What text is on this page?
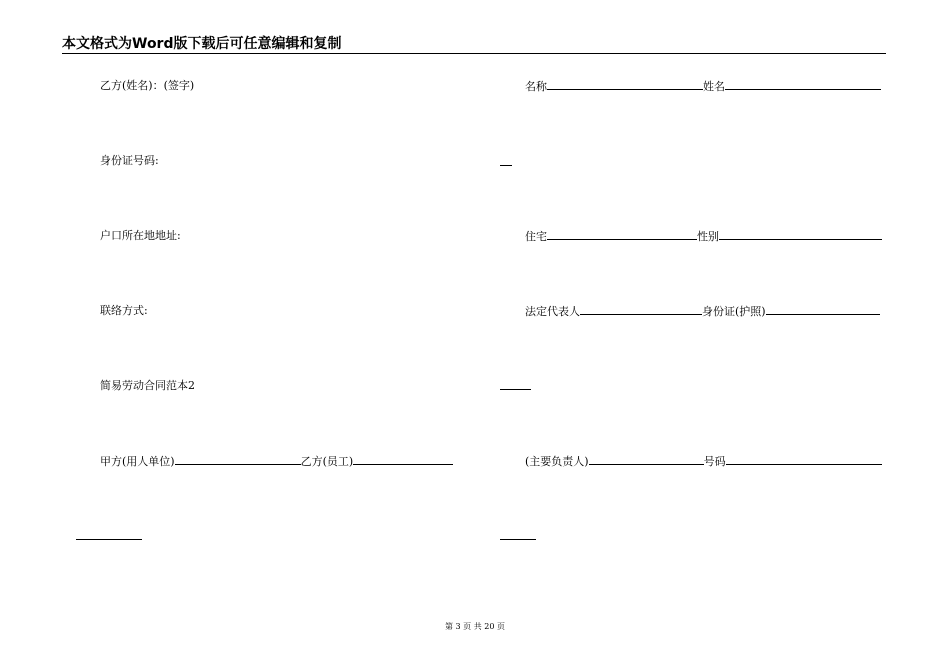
本文格式为Word版下载后可任意编辑和复制
乙方(姓名)：(签字)
身份证号码:
户口所在地地址:
联络方式:
简易劳动合同范本2
甲方(用人单位)	乙方(员工)
名称	姓名
住宅	性别
法定代表人	身份证(护照)
(主要负责人)	号码
第 3 页 共 20 页
